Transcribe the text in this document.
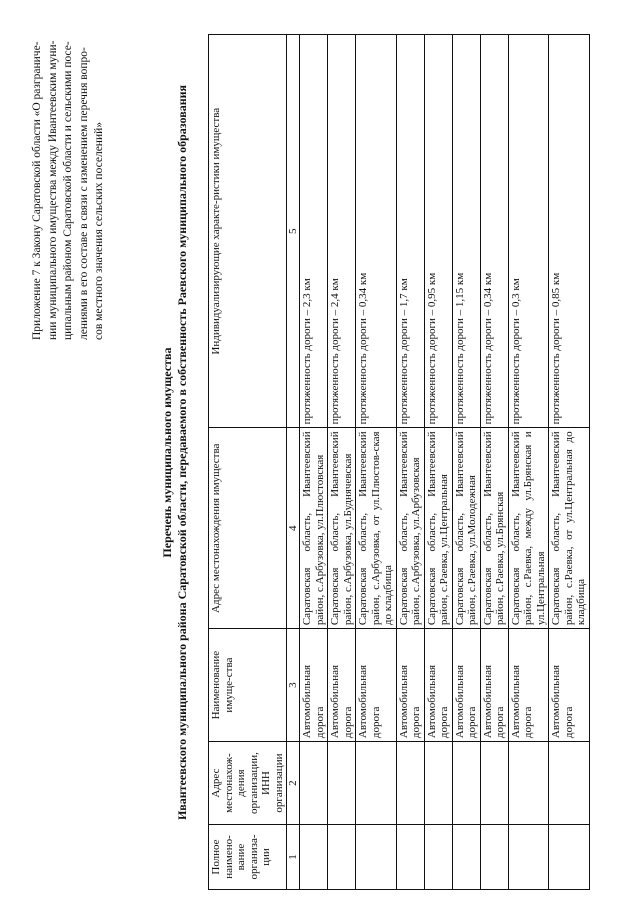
Приложение 7 к Закону Саратовской области «О разграниче- нии муниципального имущества между Ивантеевским муни- ципальным районом Саратовской области и сельскими посе- лениями в его составе в связи с изменением перечня вопро- сов местного значения сельских поселений»

Перечень муниципального имущества Ивантеевского муниципального района Саратовской области, передаваемого в собственность Раевского муниципального образования
Полное наимено-вание организа-ции	Адрес местонахож-дения организации, ИНН организации	Наименование имуще-ства	Адрес местонахождения имущества	Индивидуализирующие характе-ристики имущества
1	2	3	4	5
		Автомобильная дорога	Саратовская область, Ивантеевский район, с.Арбузовка, ул.Плюстовская	протяженность дороги – 2,3 км
		Автомобильная дорога	Саратовская область, Ивантеевский район, с.Арбузовка, ул.Буднячевская	протяженность дороги – 2,4 км
		Автомобильная дорога	Саратовская область, Ивантеевский район, с.Арбузовка, от ул.Плюстов-ская до кладбища	протяженность дороги – 0,34 км
		Автомобильная дорога	Саратовская область, Ивантеевский район, с.Арбузовка, ул.Арбузовская	протяженность дороги – 1,7 км
		Автомобильная дорога	Саратовская область, Ивантеевский район, с.Раевка, ул.Центральная	протяженность дороги – 0,95 км
		Автомобильная дорога	Саратовская область, Ивантеевский район, с.Раевка, ул.Молодежная	протяженность дороги – 1,15 км
		Автомобильная дорога	Саратовская область, Ивантеевский район, с.Раевка, ул.Брянская	протяженность дороги – 0,34 км
		Автомобильная дорога	Саратовская область, Ивантеевский район, с.Раевка, между ул.Брянская и ул.Центральная	протяженность дороги – 0,3 км
		Автомобильная дорога	Саратовская область, Ивантеевский район, с.Раевка, от ул.Центральная до кладбища	протяженность дороги – 0,85 км
